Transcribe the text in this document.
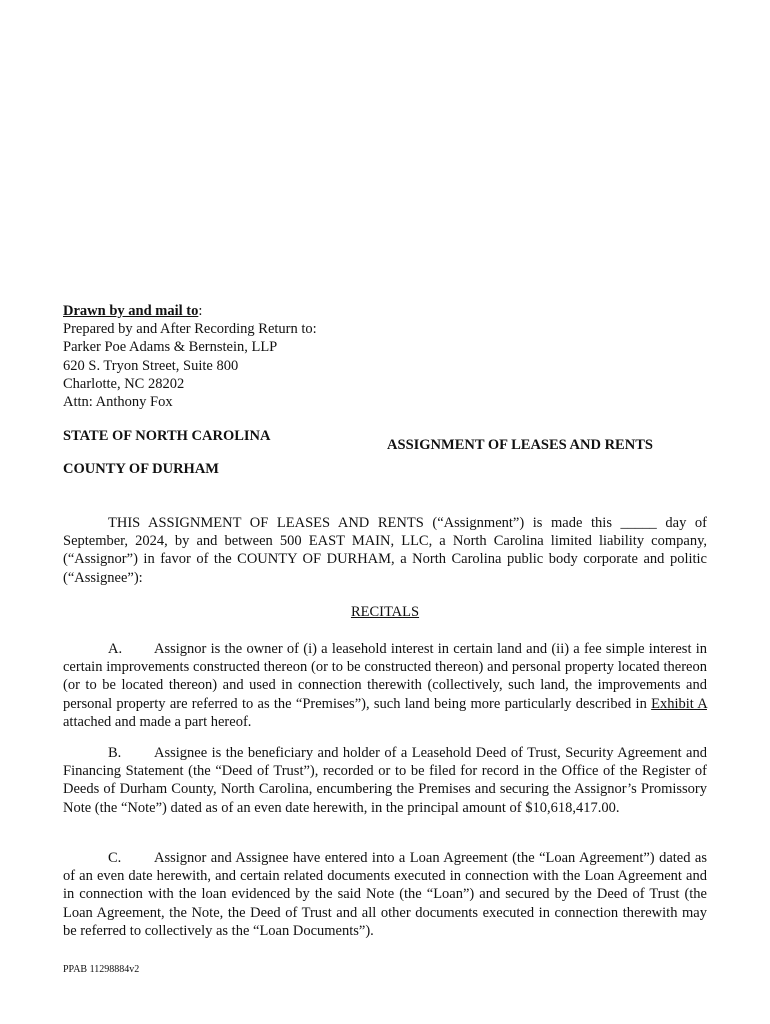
Drawn by and mail to:
Prepared by and After Recording Return to:
Parker Poe Adams & Bernstein, LLP
620 S. Tryon Street, Suite 800
Charlotte, NC 28202
Attn: Anthony Fox
STATE OF NORTH CAROLINA
COUNTY OF DURHAM
ASSIGNMENT OF LEASES AND RENTS
THIS ASSIGNMENT OF LEASES AND RENTS (“Assignment”) is made this _____ day of September, 2024, by and between 500 EAST MAIN, LLC, a North Carolina limited liability company, (“Assignor”) in favor of the COUNTY OF DURHAM, a North Carolina public body corporate and politic (“Assignee”):
RECITALS
A. Assignor is the owner of (i) a leasehold interest in certain land and (ii) a fee simple interest in certain improvements constructed thereon (or to be constructed thereon) and personal property located thereon (or to be located thereon) and used in connection therewith (collectively, such land, the improvements and personal property are referred to as the “Premises”), such land being more particularly described in Exhibit A attached and made a part hereof.
B. Assignee is the beneficiary and holder of a Leasehold Deed of Trust, Security Agreement and Financing Statement (the “Deed of Trust”), recorded or to be filed for record in the Office of the Register of Deeds of Durham County, North Carolina, encumbering the Premises and securing the Assignor’s Promissory Note (the “Note”) dated as of an even date herewith, in the principal amount of $10,618,417.00.
C. Assignor and Assignee have entered into a Loan Agreement (the “Loan Agreement”) dated as of an even date herewith, and certain related documents executed in connection with the Loan Agreement and in connection with the loan evidenced by the said Note (the “Loan”) and secured by the Deed of Trust (the Loan Agreement, the Note, the Deed of Trust and all other documents executed in connection therewith may be referred to collectively as the “Loan Documents”).
PPAB 11298884v2
